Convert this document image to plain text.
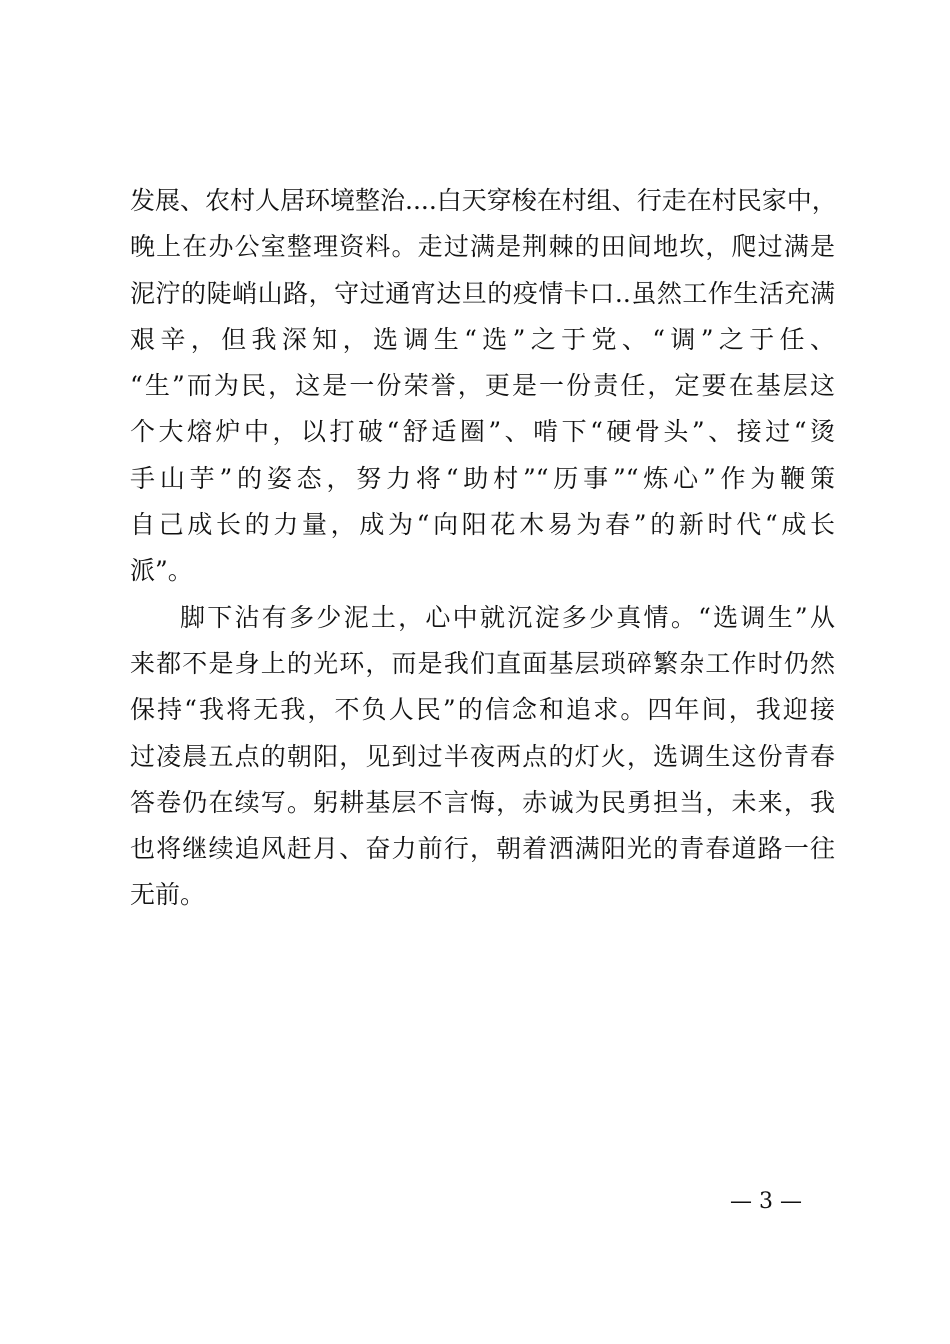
发展、农村人居环境整治....白天穿梭在村组、行走在村民家中，
晚上在办公室整理资料。走过满是荆棘的田间地坎，爬过满是
泥泞的陡峭山路，守过通宵达旦的疫情卡口..虽然工作生活充满
艰辛，但我深知，选调生“选”之于党、“调”之于任、
“生”而为民，这是一份荣誉，更是一份责任，定要在基层这
个大熔炉中，以打破“舒适圈”、啃下“硬骨头”、接过“烫
手山芋”的姿态，努力将“助村”“历事”“炼心”作为鞭策
自己成长的力量，成为“向阳花木易为春”的新时代“成长
派”。
脚下沾有多少泥土，心中就沉淀多少真情。“选调生”从
来都不是身上的光环，而是我们直面基层琐碎繁杂工作时仍然
保持“我将无我，不负人民”的信念和追求。四年间，我迎接
过凌晨五点的朝阳，见到过半夜两点的灯火，选调生这份青春
答卷仍在续写。躬耕基层不言悔，赤诚为民勇担当，未来，我
也将继续追风赶月、奋力前行，朝着洒满阳光的青春道路一往
无前。
— 3 —
